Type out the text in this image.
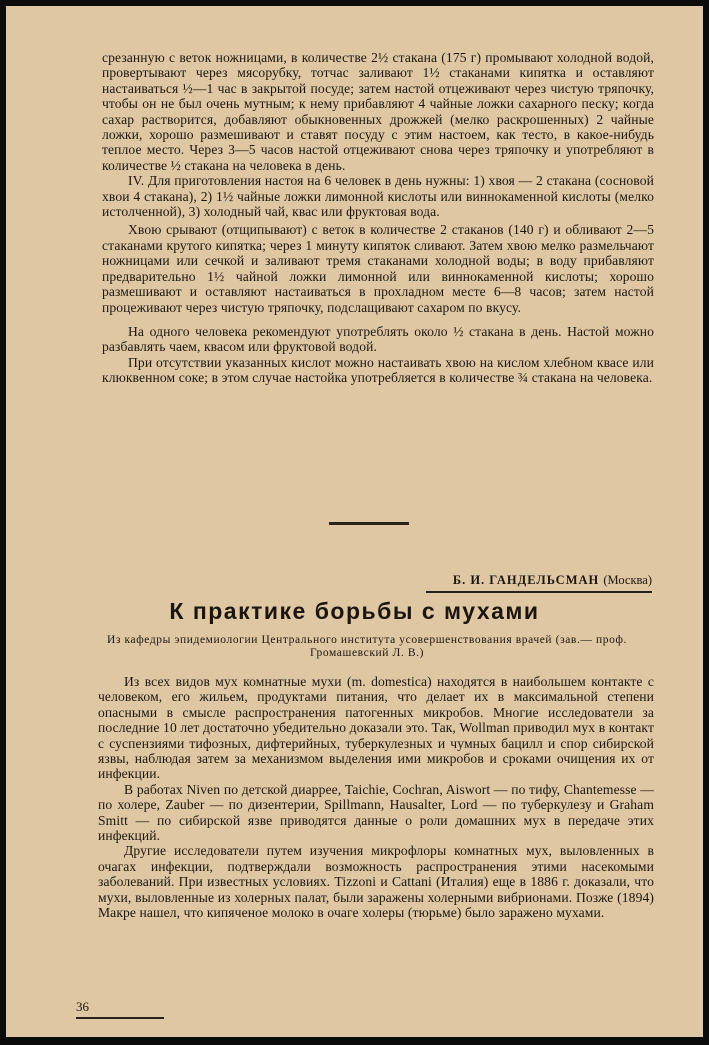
срезанную с веток ножницами, в количестве 2½ стакана (175 г) промывают холодной водой, провертывают через мясорубку, тотчас заливают 1½ стаканами кипятка и оставляют настаиваться ½—1 час в закрытой посуде; затем настой отцеживают через чистую тряпочку, чтобы он не был очень мутным; к нему прибавляют 4 чайные ложки сахарного песку; когда сахар растворится, добавляют обыкновенных дрожжей (мелко раскрошенных) 2 чайные ложки, хорошо размешивают и ставят посуду с этим настоем, как тесто, в какое-нибудь теплое место. Через 3—5 часов настой отцеживают снова через тряпочку и употребляют в количестве ½ стакана на человека в день.

IV. Для приготовления настоя на 6 человек в день нужны: 1) хвоя — 2 стакана (сосновой хвои 4 стакана), 2) 1½ чайные ложки лимонной кислоты или виннокаменной кислоты (мелко истолченной), 3) холодный чай, квас или фруктовая вода.

Хвою срывают (отщипывают) с веток в количестве 2 стаканов (140 г) и обливают 2—5 стаканами крутого кипятка; через 1 минуту кипяток сливают. Затем хвою мелко размельчают ножницами или сечкой и заливают тремя стаканами холодной воды; в воду прибавляют предварительно 1½ чайной ложки лимонной или виннокаменной кислоты; хорошо размешивают и оставляют настаиваться в прохладном месте 6—8 часов; затем настой процеживают через чистую тряпочку, подслащивают сахаром по вкусу.

На одного человека рекомендуют употреблять около ½ стакана в день. Настой можно разбавлять чаем, квасом или фруктовой водой.

При отсутствии указанных кислот можно настаивать хвою на кислом хлебном квасе или клюквенном соке; в этом случае настойка употребляется в количестве ¾ стакана на человека.

Б. И. ГАНДЕЛЬСМАН (Москва)
К практике борьбы с мухами
Из кафедры эпидемиологии Центрального института усовершенствования врачей (зав.— проф. Громашевский Л. В.)

Из всех видов мух комнатные мухи (m. domestica) находятся в наибольшем контакте с человеком, его жильем, продуктами питания, что делает их в максимальной степени опасными в смысле распространения патогенных микробов. Многие исследователи за последние 10 лет достаточно убедительно доказали это. Так, Wollman приводил мух в контакт с суспензиями тифозных, дифтерийных, туберкулезных и чумных бацилл и спор сибирской язвы, наблюдая затем за механизмом выделения ими микробов и сроками очищения их от инфекции.

В работах Niven по детской диаррее, Taichie, Cochran, Aiswort — по тифу, Chantemesse — по холере, Zauber — по дизентерии, Spillmann, Hausalter, Lord — по туберкулезу и Graham Smitt — по сибирской язве приводятся данные о роли домашних мух в передаче этих инфекций.

Другие исследователи путем изучения микрофлоры комнатных мух, выловленных в очагах инфекции, подтверждали возможность распространения этими насекомыми заболеваний. При известных условиях. Tizzoni и Cattani (Италия) еще в 1886 г. доказали, что мухи, выловленные из холерных палат, были заражены холерными вибрионами. Позже (1894) Макре нашел, что кипяченое молоко в очаге холеры (тюрьме) было заражено мухами.

36
